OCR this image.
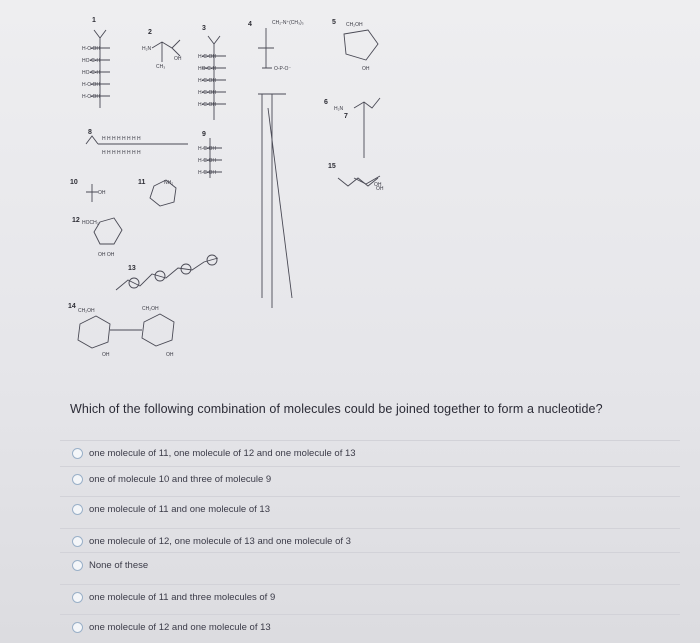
1
H-C-OH
HO-C-H
HO-C-H
H-C-OH
H-C-OH
2
H₂N
OH
CH₃
3
H-C-OH
HO-C-H
H-C-OH
H-C-OH
H-C-OH
4	CH₂-N⁺(CH₃)₃
O-P-O⁻
5 CH₂OH
OH
6
7
H₂N
OH
8
H H H H H H H H
H H H H H H H H
9
H-C-OH
H-C-OH
H-C-OH
10
OH
11	NH₂
12 HOCH₂
OH OH
13
14
CH₂OH	CH₂OH
OH	OH
15
OH
Which of the following combination of molecules could be joined together to form a nucleotide?
one molecule of 11, one molecule of 12 and one molecule of 13
one of molecule 10 and three of molecule 9
one molecule of 11 and one molecule of 13
one molecule of 12, one molecule of 13 and one molecule of 3
None of these
one molecule of 11 and three molecules of 9
one molecule of 12 and one molecule of 13
